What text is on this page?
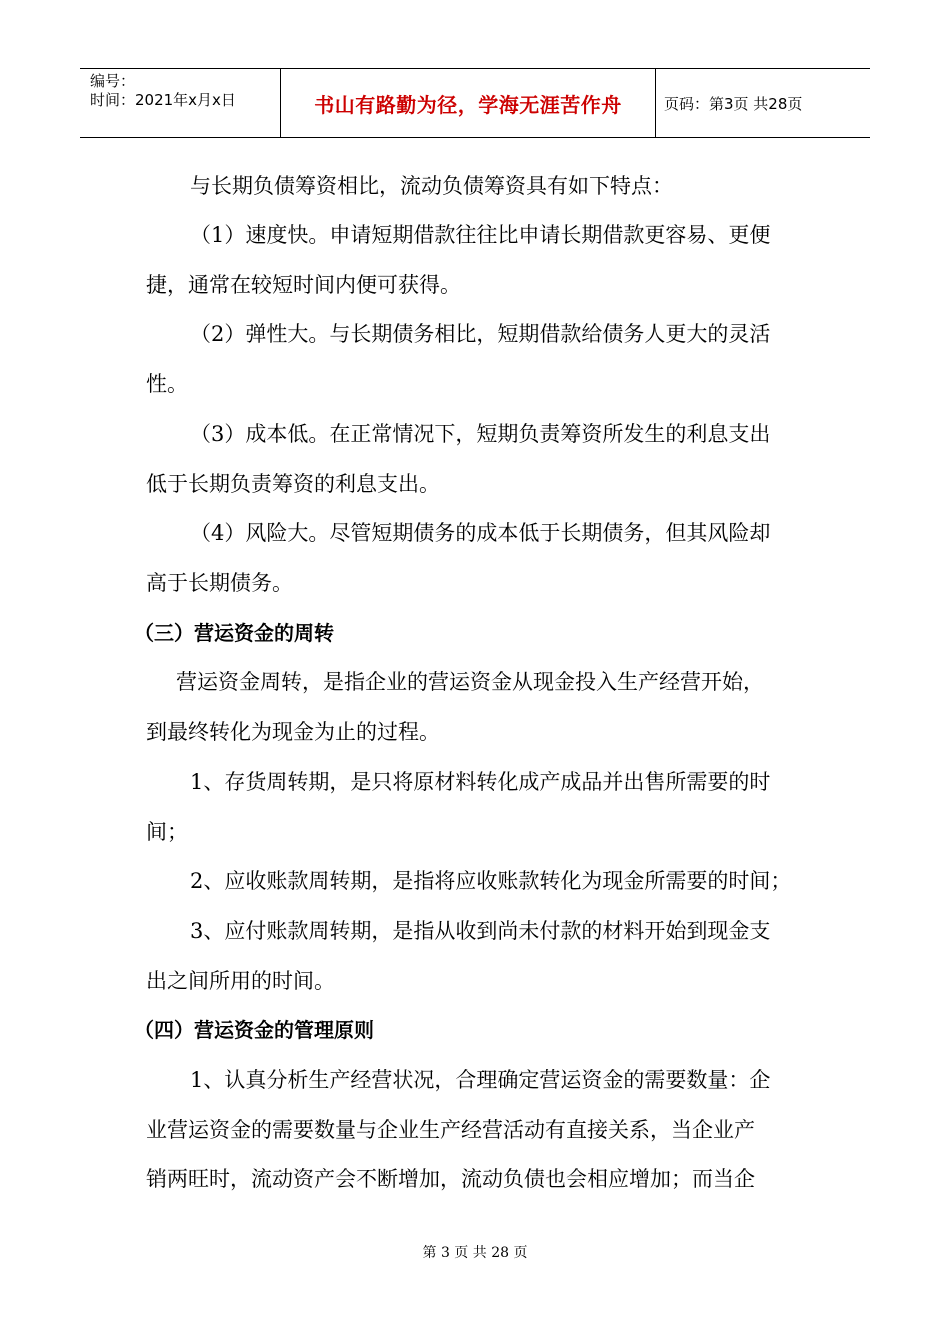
编号：
时间：2021年x月x日	书山有路勤为径，学海无涯苦作舟	页码：第3页 共28页
与长期负债筹资相比，流动负债筹资具有如下特点：
（1）速度快。申请短期借款往往比申请长期借款更容易、更便
捷，通常在较短时间内便可获得。
（2）弹性大。与长期债务相比，短期借款给债务人更大的灵活
性。
（3）成本低。在正常情况下，短期负责筹资所发生的利息支出
低于长期负责筹资的利息支出。
（4）风险大。尽管短期债务的成本低于长期债务，但其风险却
高于长期债务。
（三）营运资金的周转
营运资金周转，是指企业的营运资金从现金投入生产经营开始，
到最终转化为现金为止的过程。
1、存货周转期，是只将原材料转化成产成品并出售所需要的时
间；
2、应收账款周转期，是指将应收账款转化为现金所需要的时间；
3、应付账款周转期，是指从收到尚未付款的材料开始到现金支
出之间所用的时间。
（四）营运资金的管理原则
1、认真分析生产经营状况，合理确定营运资金的需要数量：企
业营运资金的需要数量与企业生产经营活动有直接关系，当企业产
销两旺时，流动资产会不断增加，流动负债也会相应增加；而当企
第 3 页 共 28 页
